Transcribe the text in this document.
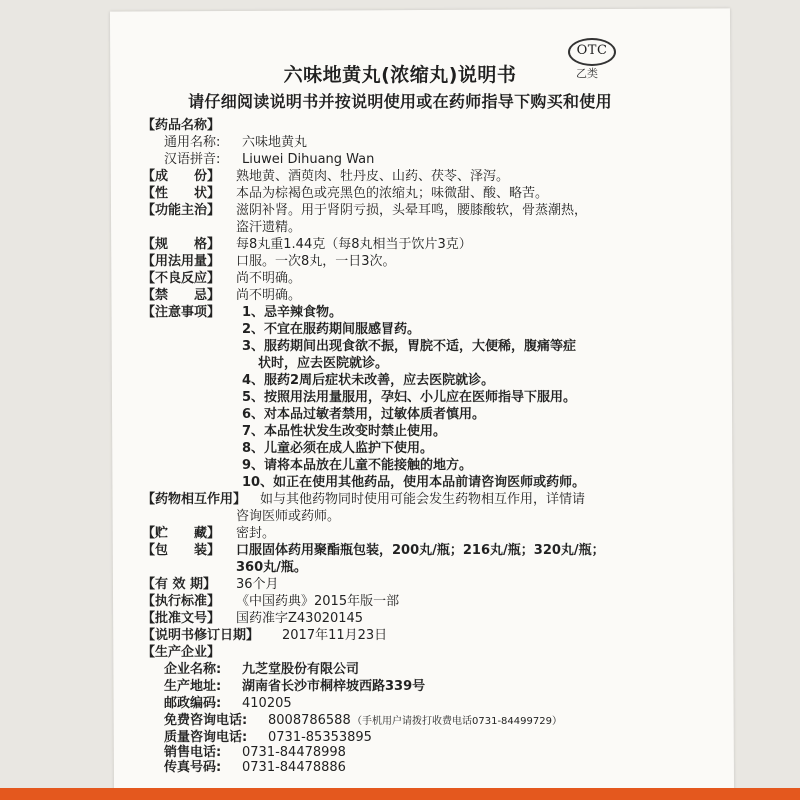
OTC
乙类
六味地黄丸(浓缩丸)说明书
请仔细阅读说明书并按说明使用或在药师指导下购买和使用
【药品名称】
通用名称: 六味地黄丸
汉语拼音: Liuwei Dihuang Wan
【成　　份】 熟地黄、酒萸肉、牡丹皮、山药、茯苓、泽泻。
【性　　状】 本品为棕褐色或亮黑色的浓缩丸；味微甜、酸、略苦。
【功能主治】 滋阴补肾。用于肾阴亏损，头晕耳鸣，腰膝酸软，骨蒸潮热，
盗汗遗精。
【规　　格】 每8丸重1.44克（每8丸相当于饮片3克）
【用法用量】 口服。一次8丸，一日3次。
【不良反应】 尚不明确。
【禁　　忌】 尚不明确。
【注意事项】 1、忌辛辣食物。
2、不宜在服药期间服感冒药。
3、服药期间出现食欲不振，胃脘不适，大便稀，腹痛等症
状时，应去医院就诊。
4、服药2周后症状未改善，应去医院就诊。
5、按照用法用量服用，孕妇、小儿应在医师指导下服用。
6、对本品过敏者禁用，过敏体质者慎用。
7、本品性状发生改变时禁止使用。
8、儿童必须在成人监护下使用。
9、请将本品放在儿童不能接触的地方。
10、如正在使用其他药品，使用本品前请咨询医师或药师。
【药物相互作用】 如与其他药物同时使用可能会发生药物相互作用，详情请
咨询医师或药师。
【贮　　藏】 密封。
【包　　装】 口服固体药用聚酯瓶包装，200丸/瓶；216丸/瓶；320丸/瓶；
360丸/瓶。
【有 效 期】 36个月
【执行标准】 《中国药典》2015年版一部
【批准文号】 国药准字Z43020145
【说明书修订日期】 2017年11月23日
【生产企业】
企业名称: 九芝堂股份有限公司
生产地址: 湖南省长沙市桐梓坡西路339号
邮政编码: 410205
免费咨询电话: 8008786588 （手机用户请拨打收费电话0731-84499729）
质量咨询电话: 0731-85353895
销售电话: 0731-84478998
传真号码: 0731-84478886
